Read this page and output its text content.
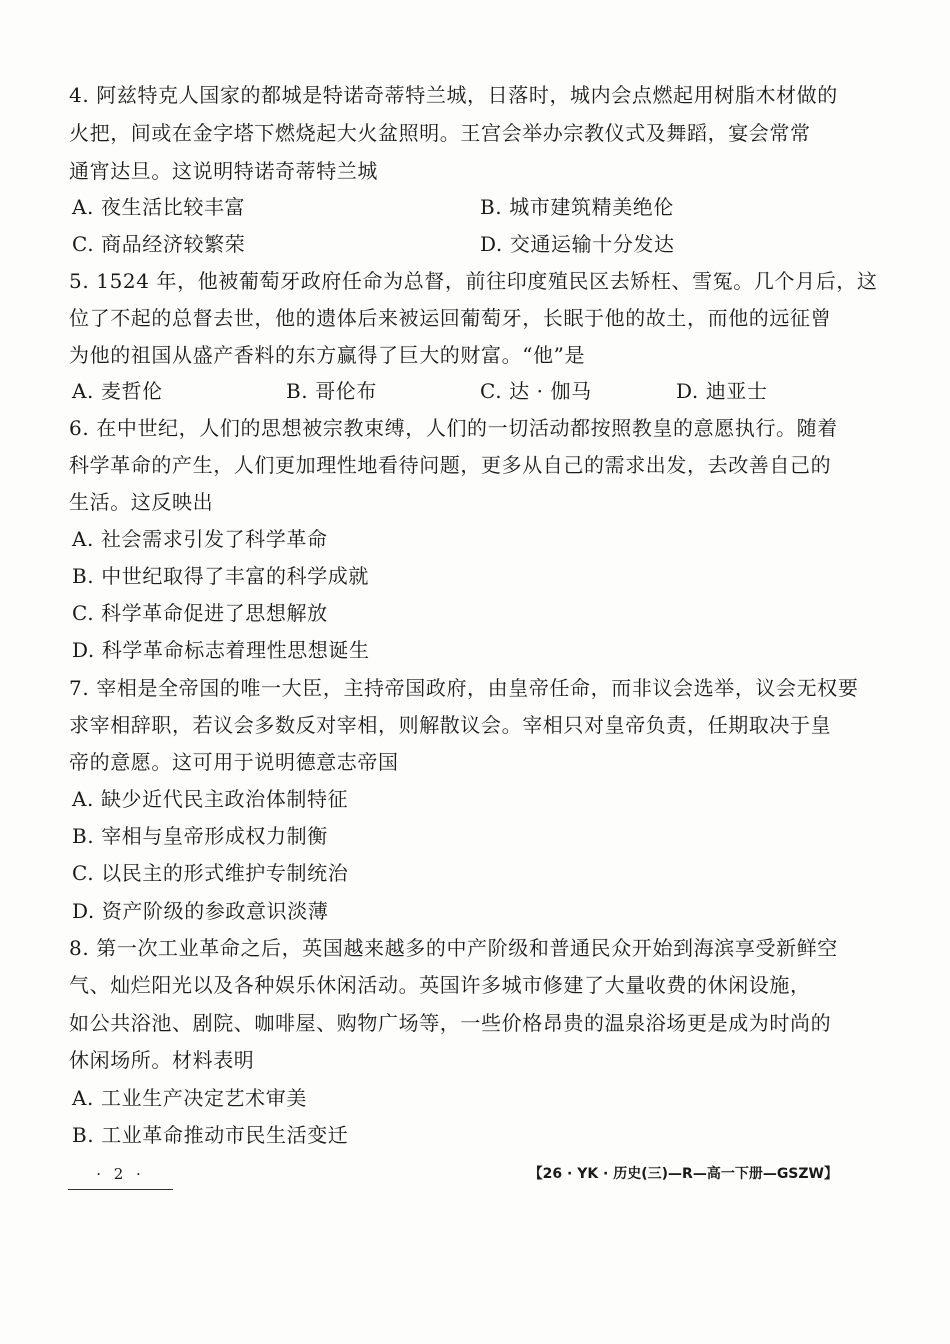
4. 阿兹特克人国家的都城是特诺奇蒂特兰城，日落时，城内会点燃起用树脂木材做的
火把，间或在金字塔下燃烧起大火盆照明。王宫会举办宗教仪式及舞蹈，宴会常常
通宵达旦。这说明特诺奇蒂特兰城
A. 夜生活比较丰富	B. 城市建筑精美绝伦
C. 商品经济较繁荣	D. 交通运输十分发达
5. 1524 年，他被葡萄牙政府任命为总督，前往印度殖民区去矫枉、雪冤。几个月后，这
位了不起的总督去世，他的遗体后来被运回葡萄牙，长眠于他的故土，而他的远征曾
为他的祖国从盛产香料的东方赢得了巨大的财富。“他”是
A. 麦哲伦	B. 哥伦布	C. 达 · 伽马	D. 迪亚士
6. 在中世纪，人们的思想被宗教束缚，人们的一切活动都按照教皇的意愿执行。随着
科学革命的产生，人们更加理性地看待问题，更多从自己的需求出发，去改善自己的
生活。这反映出
A. 社会需求引发了科学革命
B. 中世纪取得了丰富的科学成就
C. 科学革命促进了思想解放
D. 科学革命标志着理性思想诞生
7. 宰相是全帝国的唯一大臣，主持帝国政府，由皇帝任命，而非议会选举，议会无权要
求宰相辞职，若议会多数反对宰相，则解散议会。宰相只对皇帝负责，任期取决于皇
帝的意愿。这可用于说明德意志帝国
A. 缺少近代民主政治体制特征
B. 宰相与皇帝形成权力制衡
C. 以民主的形式维护专制统治
D. 资产阶级的参政意识淡薄
8. 第一次工业革命之后，英国越来越多的中产阶级和普通民众开始到海滨享受新鲜空
气、灿烂阳光以及各种娱乐休闲活动。英国许多城市修建了大量收费的休闲设施，
如公共浴池、剧院、咖啡屋、购物广场等，一些价格昂贵的温泉浴场更是成为时尚的
休闲场所。材料表明
A. 工业生产决定艺术审美
B. 工业革命推动市民生活变迁
· 2 ·	【26 · YK · 历史(三)—R—高一下册—GSZW】
